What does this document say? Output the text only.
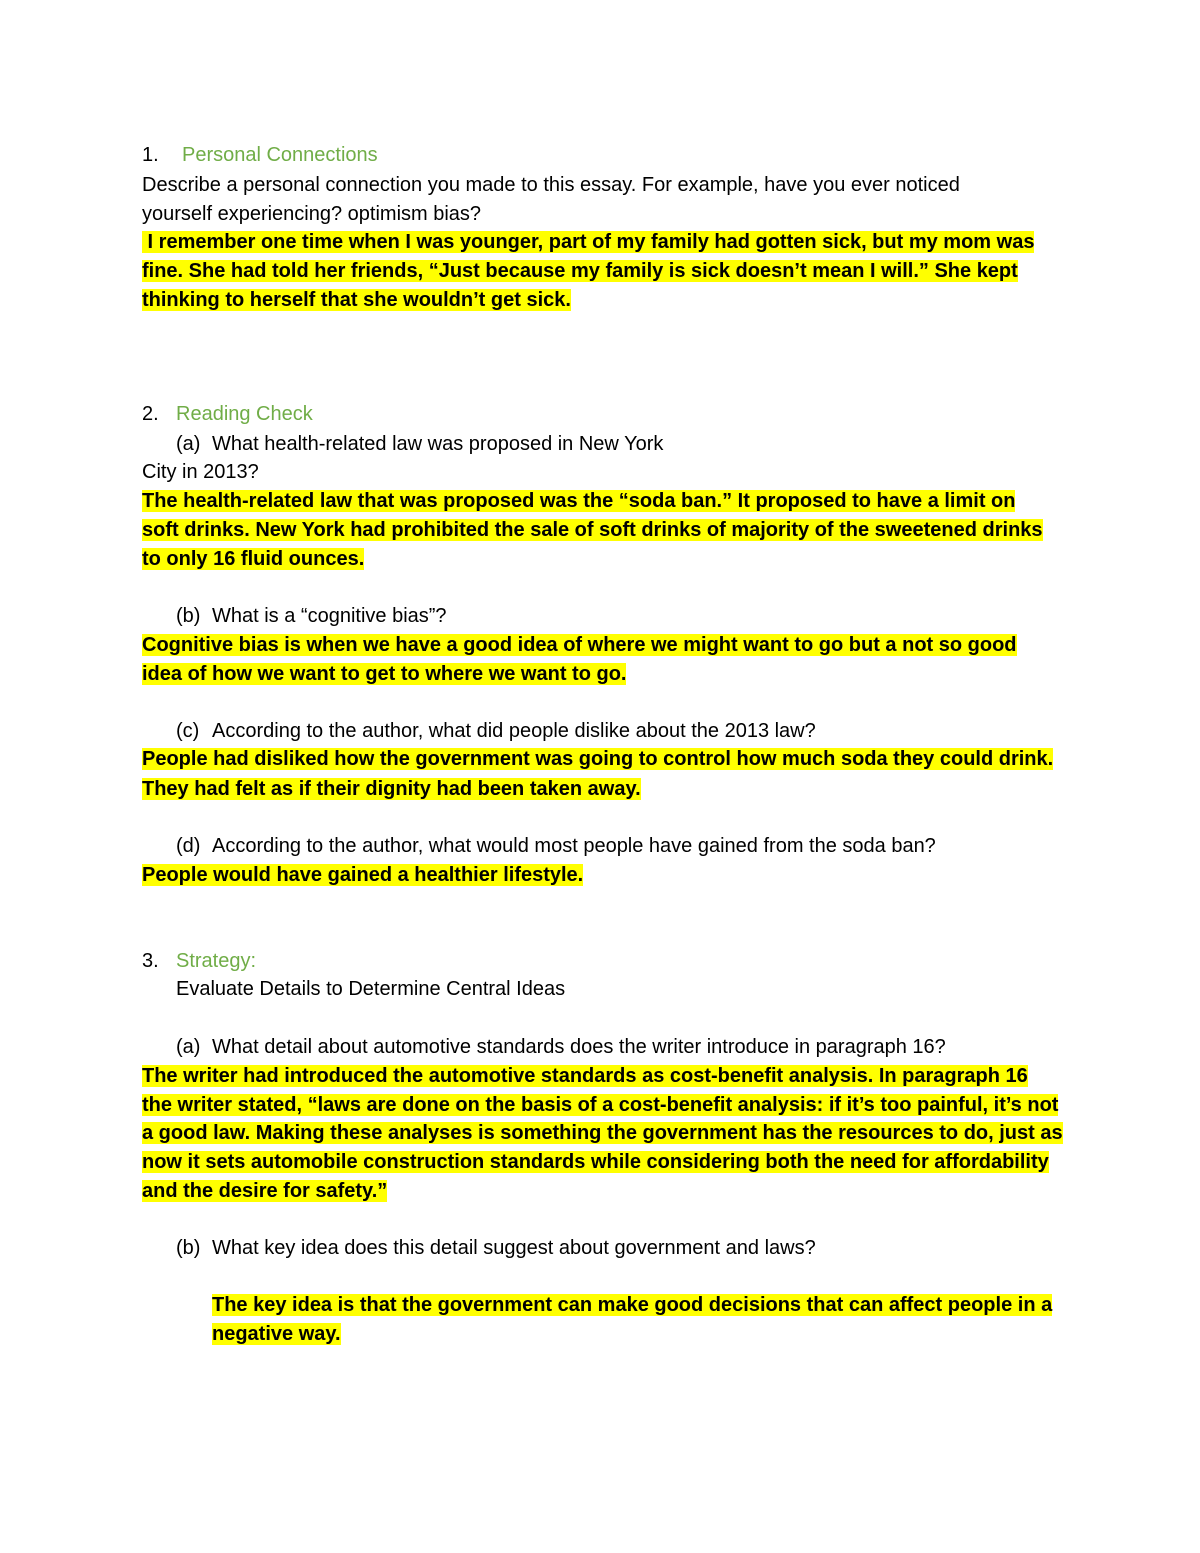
1. Personal Connections
Describe a personal connection you made to this essay. For example, have you ever noticed
yourself experiencing? optimism bias?
I remember one time when I was younger, part of my family had gotten sick, but my mom was
fine. She had told her friends, “Just because my family is sick doesn’t mean I will.” She kept
thinking to herself that she wouldn’t get sick.
2. Reading Check
(a) What health-related law was proposed in New York
City in 2013?
The health-related law that was proposed was the “soda ban.” It proposed to have a limit on
soft drinks. New York had prohibited the sale of soft drinks of majority of the sweetened drinks
to only 16 fluid ounces.
(b) What is a “cognitive bias”?
Cognitive bias is when we have a good idea of where we might want to go but a not so good
idea of how we want to get to where we want to go.
(c) According to the author, what did people dislike about the 2013 law?
People had disliked how the government was going to control how much soda they could drink.
They had felt as if their dignity had been taken away.
(d) According to the author, what would most people have gained from the soda ban?
People would have gained a healthier lifestyle.
3. Strategy:
Evaluate Details to Determine Central Ideas
(a) What detail about automotive standards does the writer introduce in paragraph 16?
The writer had introduced the automotive standards as cost-benefit analysis. In paragraph 16
the writer stated, “laws are done on the basis of a cost-benefit analysis: if it’s too painful, it’s not
a good law. Making these analyses is something the government has the resources to do, just as
now it sets automobile construction standards while considering both the need for affordability
and the desire for safety.”
(b) What key idea does this detail suggest about government and laws?
The key idea is that the government can make good decisions that can affect people in a
negative way.
